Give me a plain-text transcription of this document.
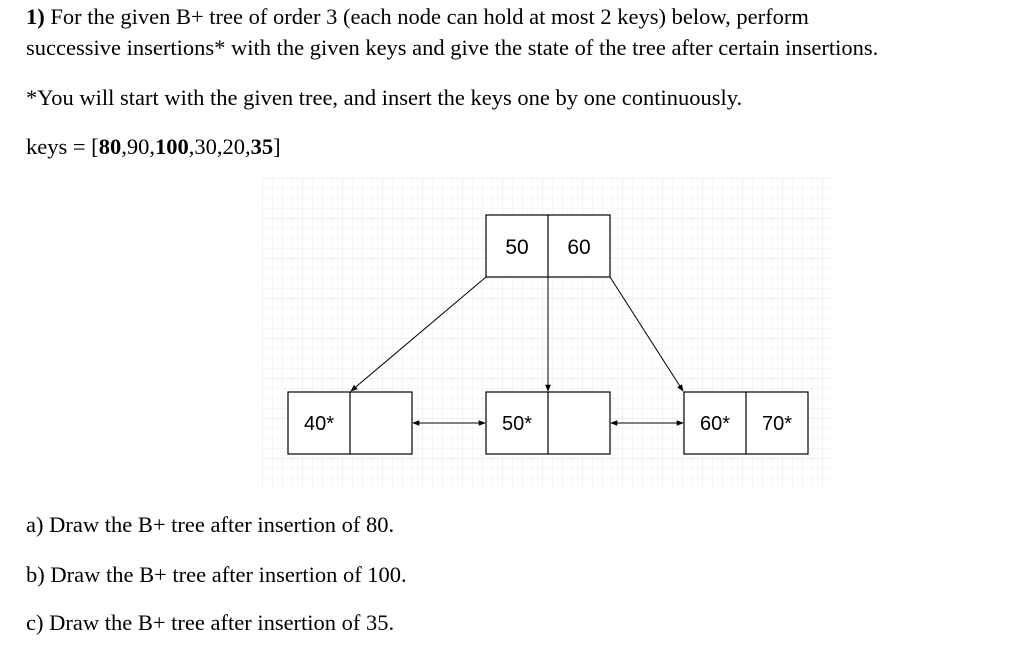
1) For the given B+ tree of order 3 (each node can hold at most 2 keys) below, perform
successive insertions* with the given keys and give the state of the tree after certain insertions.
*You will start with the given tree, and insert the keys one by one continuously.
keys = [80,90,100,30,20,35]
50 60
40*	50*	60* 70*
a) Draw the B+ tree after insertion of 80.
b) Draw the B+ tree after insertion of 100.
c) Draw the B+ tree after insertion of 35.
